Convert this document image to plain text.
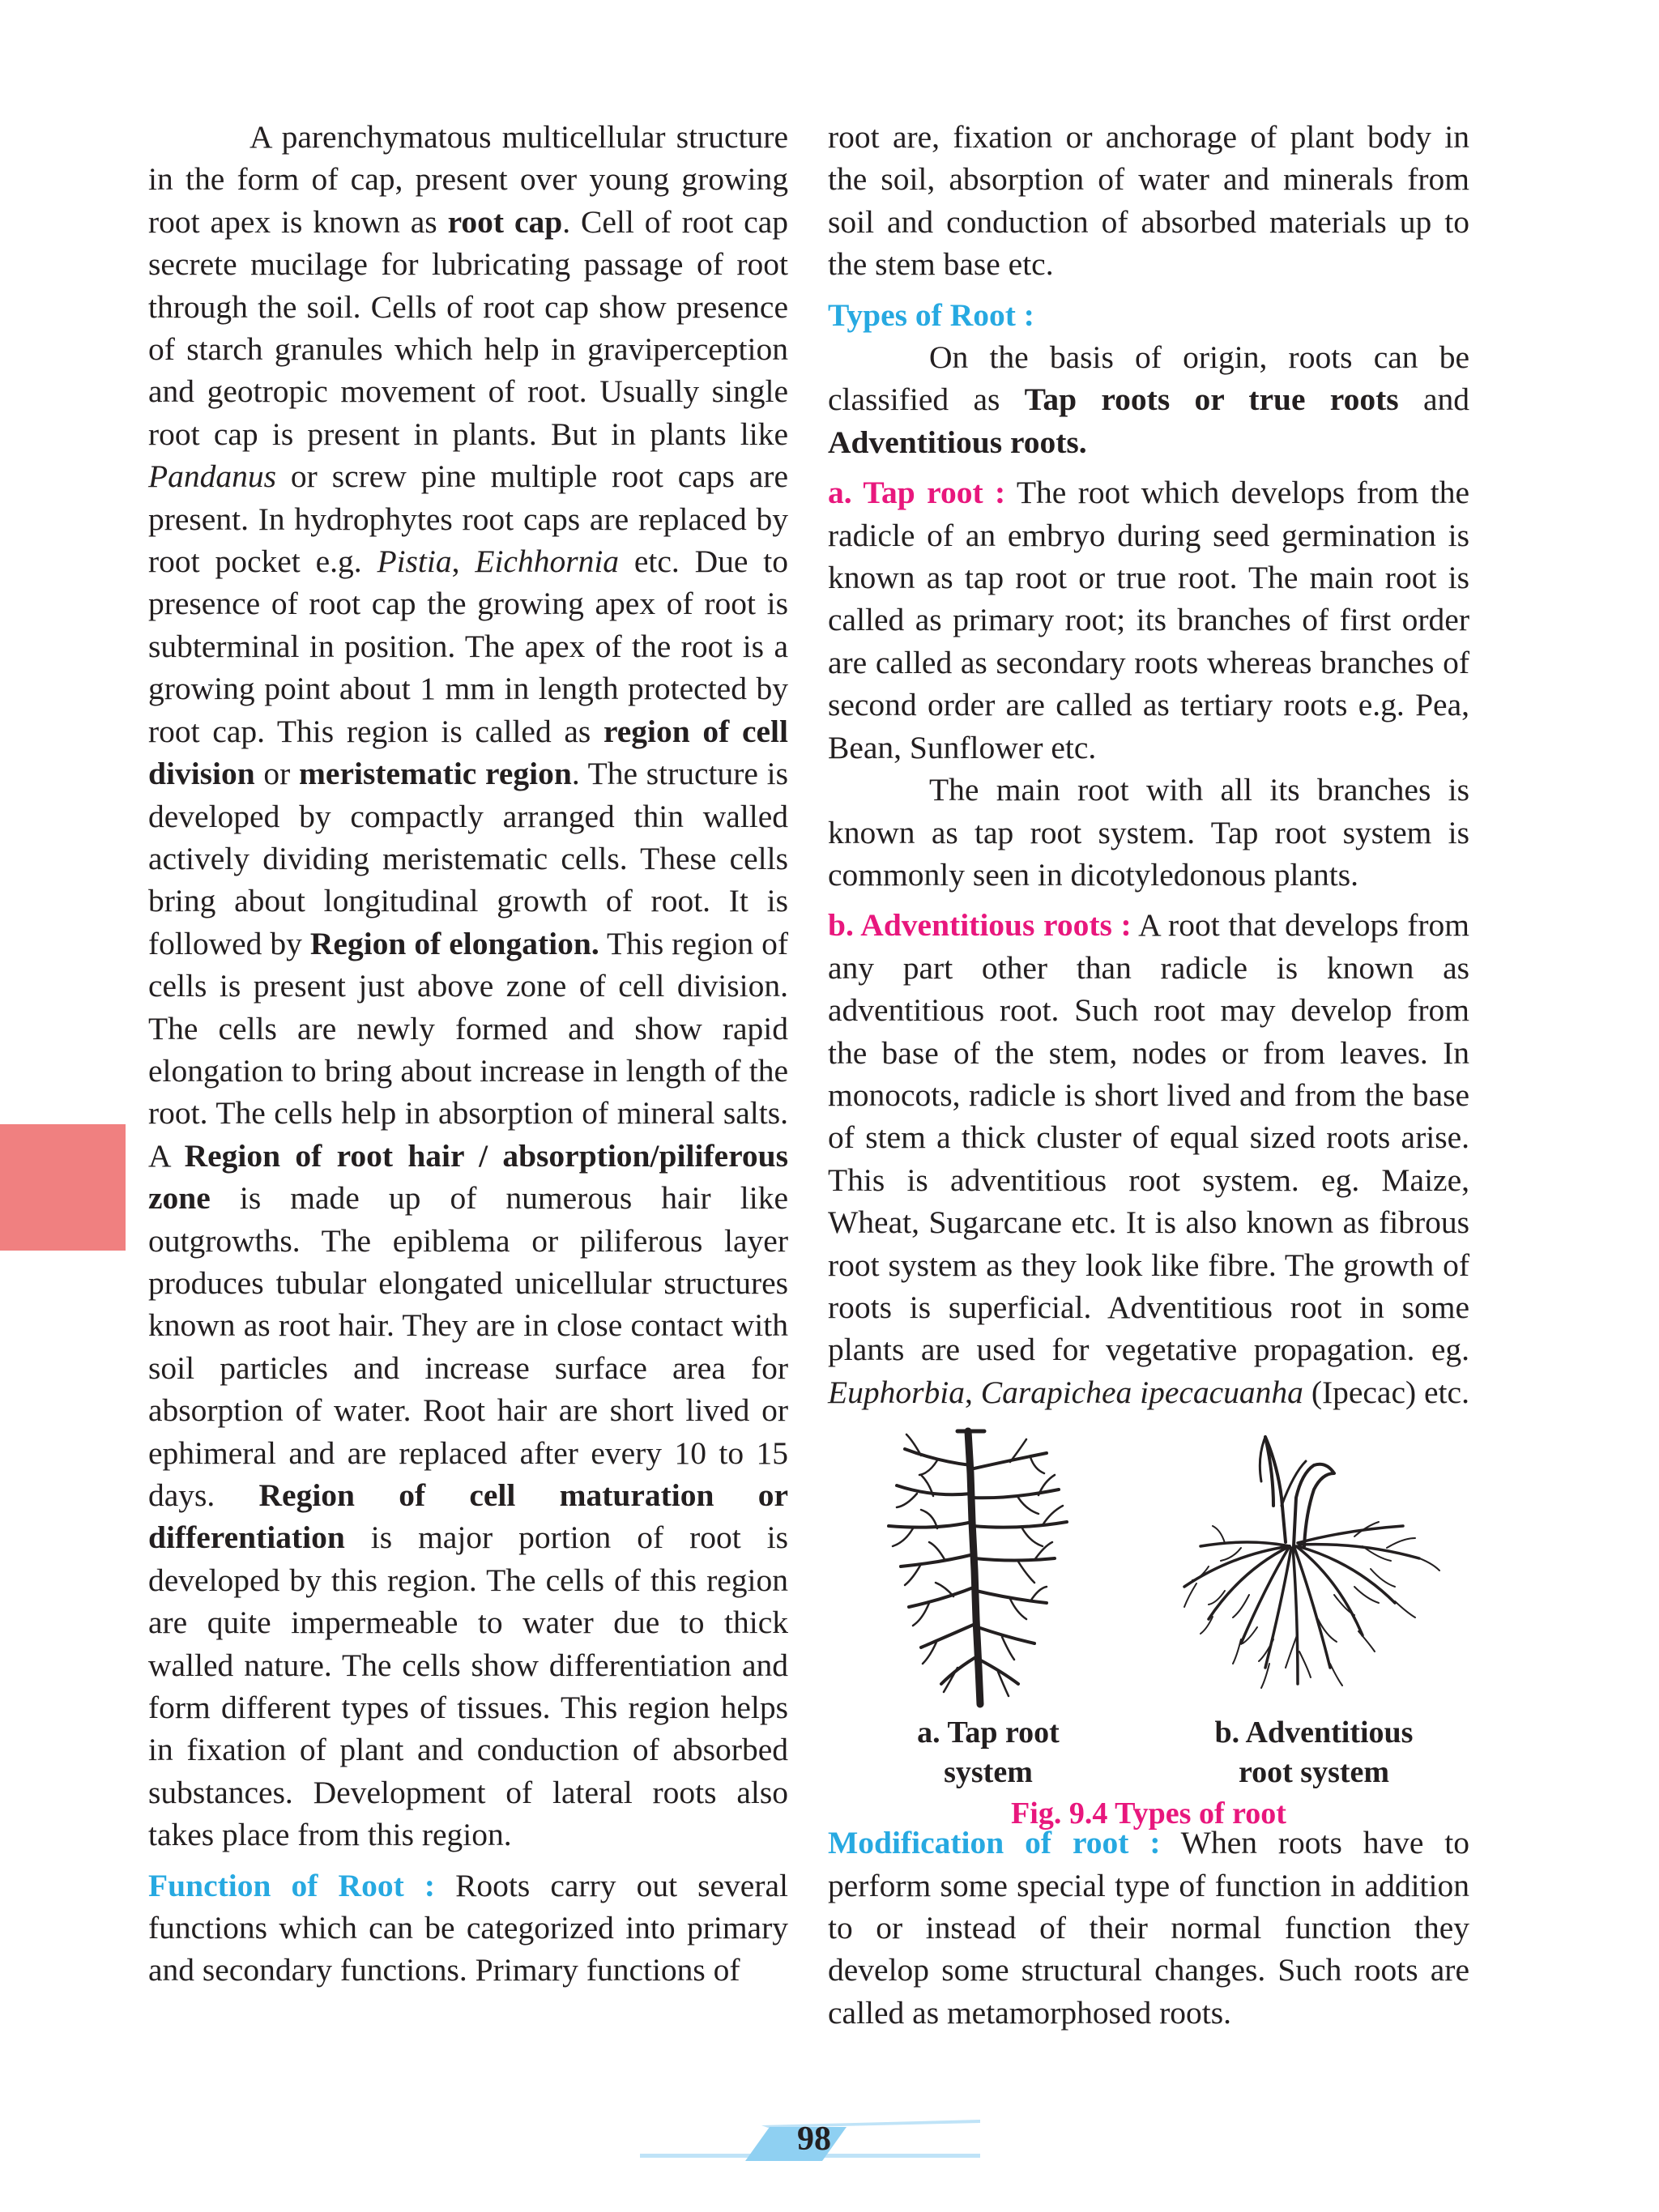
A parenchymatous multicellular structure in the form of cap, present over young growing root apex is known as root cap. Cell of root cap secrete mucilage for lubricating passage of root through the soil. Cells of root cap show presence of starch granules which help in graviperception and geotropic movement of root. Usually single root cap is present in plants. But in plants like Pandanus or screw pine multiple root caps are present. In hydrophytes root caps are replaced by root pocket e.g. Pistia, Eichhornia etc. Due to presence of root cap the growing apex of root is subterminal in position. The apex of the root is a growing point about 1 mm in length protected by root cap. This region is called as region of cell division or meristematic region. The structure is developed by compactly arranged thin walled actively dividing meristematic cells. These cells bring about longitudinal growth of root. It is followed by Region of elongation. This region of cells is present just above zone of cell division. The cells are newly formed and show rapid elongation to bring about increase in length of the root. The cells help in absorption of mineral salts. A Region of root hair / absorption/piliferous zone is made up of numerous hair like outgrowths. The epiblema or piliferous layer produces tubular elongated unicellular structures known as root hair. They are in close contact with soil particles and increase surface area for absorption of water. Root hair are short lived or ephimeral and are replaced after every 10 to 15 days. Region of cell maturation or differentiation is major portion of root is developed by this region. The cells of this region are quite impermeable to water due to thick walled nature. The cells show differentiation and form different types of tissues. This region helps in fixation of plant and conduction of absorbed substances. Development of lateral roots also takes place from this region.

Function of Root : Roots carry out several functions which can be categorized into primary and secondary functions. Primary functions of

root are, fixation or anchorage of plant body in the soil, absorption of water and minerals from soil and conduction of absorbed materials up to the stem base etc.

Types of Root :

On the basis of origin, roots can be classified as Tap roots or true roots and Adventitious roots.

a. Tap root : The root which develops from the radicle of an embryo during seed germination is known as tap root or true root. The main root is called as primary root; its branches of first order are called as secondary roots whereas branches of second order are called as tertiary roots e.g. Pea, Bean, Sunflower etc.

The main root with all its branches is known as tap root system. Tap root system is commonly seen in dicotyledonous plants.

b. Adventitious roots : A root that develops from any part other than radicle is known as adventitious root. Such root may develop from the base of the stem, nodes or from leaves. In monocots, radicle is short lived and from the base of stem a thick cluster of equal sized roots arise. This is adventitious root system. eg. Maize, Wheat, Sugarcane etc. It is also known as fibrous root system as they look like fibre. The growth of roots is superficial. Adventitious root in some plants are used for vegetative propagation. eg. Euphorbia, Carapichea ipecacuanha (Ipecac) etc.

a. Tap root
system
b. Adventitious
root system
Fig. 9.4 Types of root

Modification of root : When roots have to perform some special type of function in addition to or instead of their normal function they develop some structural changes. Such roots are called as metamorphosed roots.

98
